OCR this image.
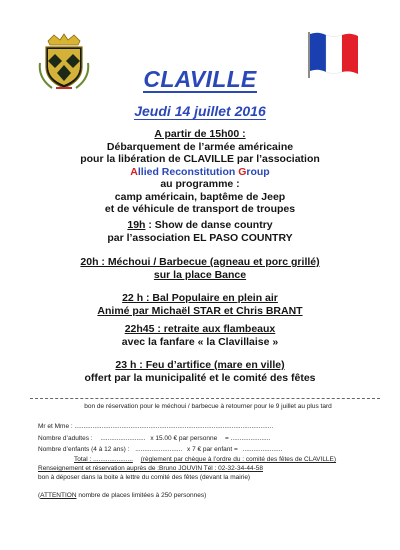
CLAVILLE
Jeudi 14 juillet 2016
A partir de 15h00 :
Débarquement de l’armée américaine
pour la libération de CLAVILLE par l’association
Allied Reconstitution Group
au programme :
camp américain, baptême de Jeep
et de véhicule de transport de troupes
19h : Show de danse country
par l’association EL PASO COUNTRY
20h : Méchoui / Barbecue (agneau et porc grillé)
sur la place Bance
22 h : Bal Populaire en plein air
Animé par Michaël STAR et Chris BRANT
22h45 : retraite aux flambeaux
avec la fanfare « la Clavillaise »
23 h : Feu d’artifice (mare en ville)
offert par la municipalité et le comité des fêtes
bon de réservation pour le méchoui / barbecue à retourner pour le 9 juillet au plus tard
Mr et Mme : ..............................................................................................................
Nombre d’adultes : ......................... x 15.00 € par personne = ......................
Nombre d’enfants (4 à 12 ans) : .......................... x 7 € par enfant = ......................
Total : ...................... (règlement par chèque à l’ordre du : comité des fêtes de CLAVILLE)
Renseignement et réservation auprès de :Bruno JOUVIN Tél : 02-32-34-44-58
bon à déposer dans la boite à lettre du comité des fêtes (devant la mairie)
(ATTENTION nombre de places limitées à 250 personnes)
